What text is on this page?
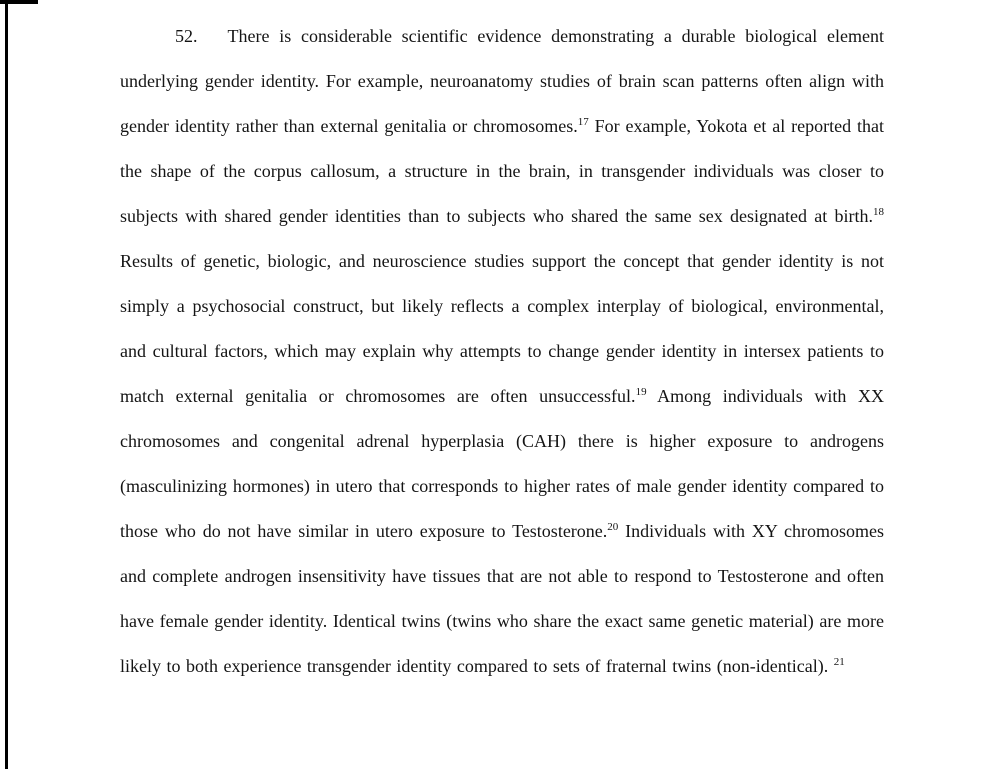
52. There is considerable scientific evidence demonstrating a durable biological element underlying gender identity. For example, neuroanatomy studies of brain scan patterns often align with gender identity rather than external genitalia or chromosomes.$^{17}$ For example, Yokota et al reported that the shape of the corpus callosum, a structure in the brain, in transgender individuals was closer to subjects with shared gender identities than to subjects who shared the same sex designated at birth.$^{18}$ Results of genetic, biologic, and neuroscience studies support the concept that gender identity is not simply a psychosocial construct, but likely reflects a complex interplay of biological, environmental, and cultural factors, which may explain why attempts to change gender identity in intersex patients to match external genitalia or chromosomes are often unsuccessful.$^{19}$ Among individuals with XX chromosomes and congenital adrenal hyperplasia (CAH) there is higher exposure to androgens (masculinizing hormones) in utero that corresponds to higher rates of male gender identity compared to those who do not have similar in utero exposure to Testosterone.$^{20}$ Individuals with XY chromosomes and complete androgen insensitivity have tissues that are not able to respond to Testosterone and often have female gender identity. Identical twins (twins who share the exact same genetic material) are more likely to both experience transgender identity compared to sets of fraternal twins (non-identical). $^{21}$
